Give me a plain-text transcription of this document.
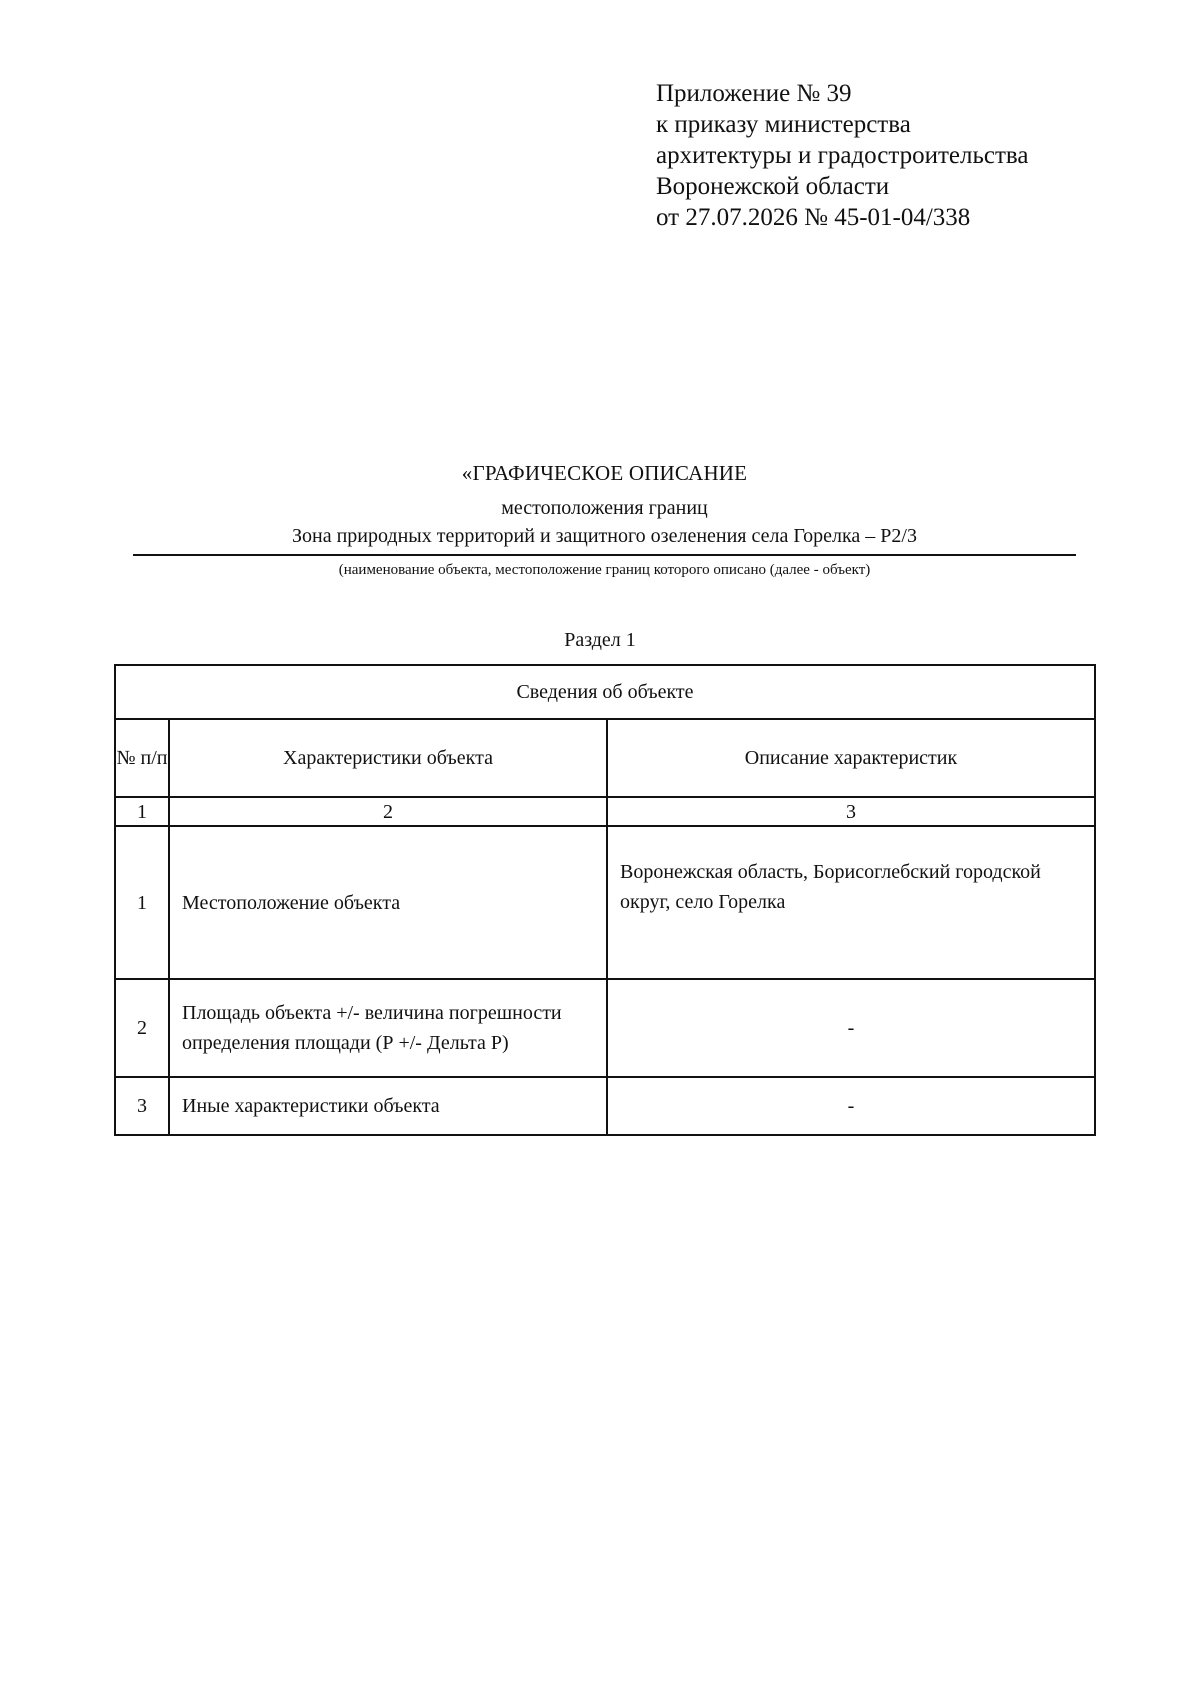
Приложение № 39
к приказу министерства
архитектуры и градостроительства
Воронежской области
от 27.07.2026 № 45-01-04/338
«ГРАФИЧЕСКОЕ ОПИСАНИЕ
местоположения границ
Зона природных территорий и защитного озеленения села Горелка – Р2/3
(наименование объекта, местоположение границ которого описано (далее - объект)
Раздел 1
Сведения об объекте		
№ п/п	Характеристики объекта	Описание характеристик
1	2	3
1	Местоположение объекта	Воронежская область, Борисоглебский городской округ, село Горелка
2	Площадь объекта +/- величина погрешности определения площади (Р +/- Дельта Р)	-
3	Иные характеристики объекта	-
